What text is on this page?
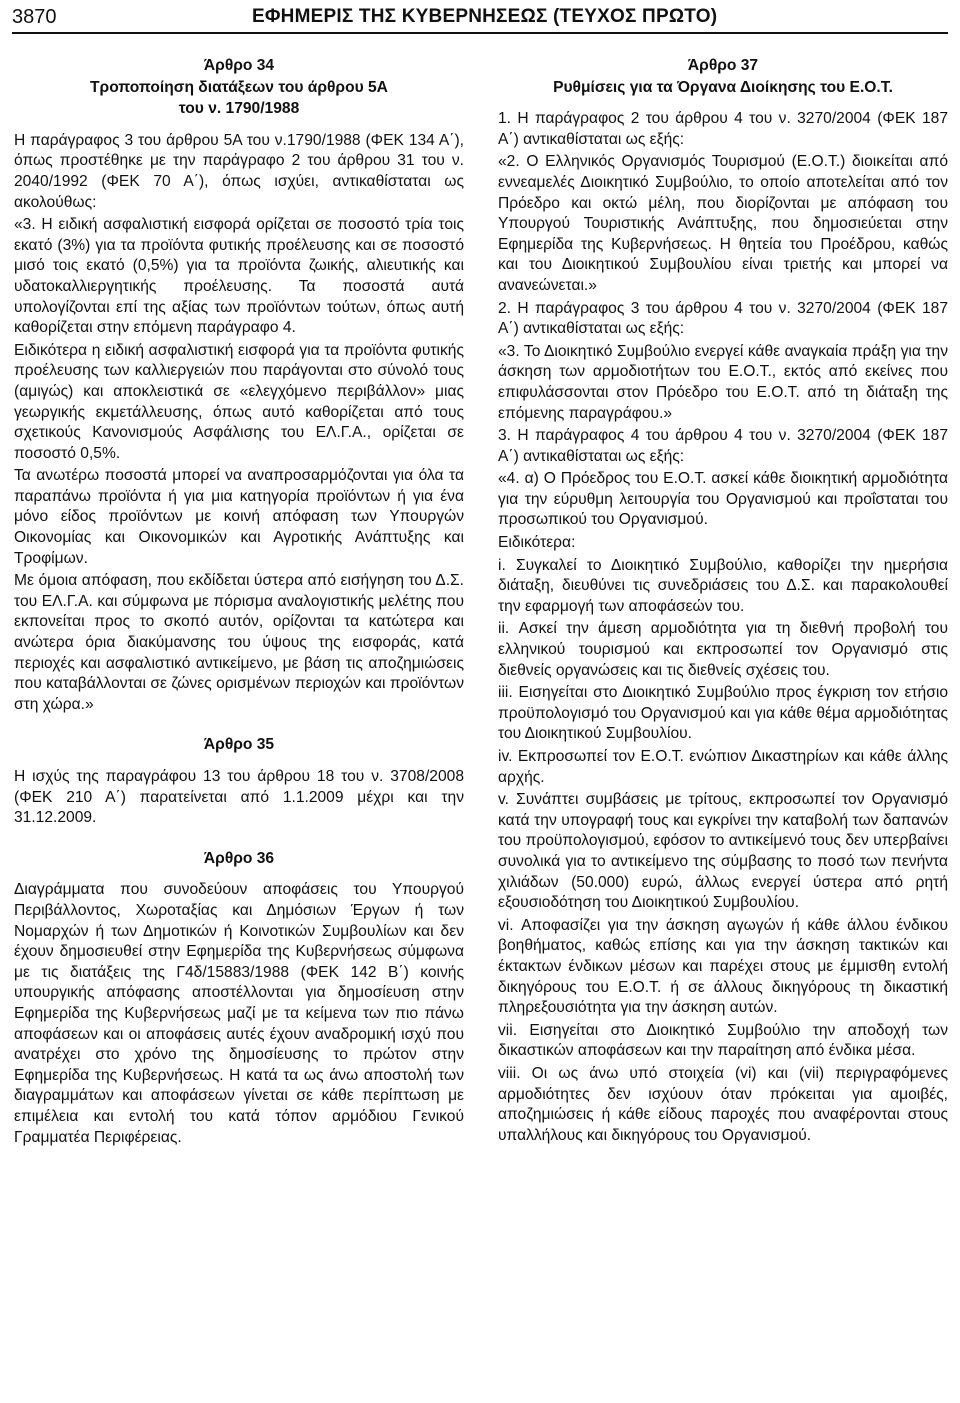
3870	ΕΦΗΜΕΡΙΣ ΤΗΣ ΚΥΒΕΡΝΗΣΕΩΣ (ΤΕΥΧΟΣ ΠΡΩΤΟ)
Άρθρο 34
Τροποποίηση διατάξεων του άρθρου 5Α
του ν. 1790/1988

Η παράγραφος 3 του άρθρου 5Α του ν.1790/1988 (ΦΕΚ 134 Α΄), όπως προστέθηκε με την παράγραφο 2 του άρθρου 31 του ν. 2040/1992 (ΦΕΚ 70 Α΄), όπως ισχύει, αντικαθίσταται ως ακολούθως:

«3. Η ειδική ασφαλιστική εισφορά ορίζεται σε ποσοστό τρία τοις εκατό (3%) για τα προϊόντα φυτικής προέλευσης και σε ποσοστό μισό τοις εκατό (0,5%) για τα προϊόντα ζωικής, αλιευτικής και υδατοκαλλιεργητικής προέλευσης. Τα ποσοστά αυτά υπολογίζονται επί της αξίας των προϊόντων τούτων, όπως αυτή καθορίζεται στην επόμενη παράγραφο 4.

Ειδικότερα η ειδική ασφαλιστική εισφορά για τα προϊόντα φυτικής προέλευσης των καλλιεργειών που παράγονται στο σύνολό τους (αμιγώς) και αποκλειστικά σε «ελεγχόμενο περιβάλλον» μιας γεωργικής εκμετάλλευσης, όπως αυτό καθορίζεται από τους σχετικούς Κανονισμούς Ασφάλισης του ΕΛ.Γ.Α., ορίζεται σε ποσοστό 0,5%.

Τα ανωτέρω ποσοστά μπορεί να αναπροσαρμόζονται για όλα τα παραπάνω προϊόντα ή για μια κατηγορία προϊόντων ή για ένα μόνο είδος προϊόντων με κοινή απόφαση των Υπουργών Οικονομίας και Οικονομικών και Αγροτικής Ανάπτυξης και Τροφίμων.

Με όμοια απόφαση, που εκδίδεται ύστερα από εισήγηση του Δ.Σ. του ΕΛ.Γ.Α. και σύμφωνα με πόρισμα αναλογιστικής μελέτης που εκπονείται προς το σκοπό αυτόν, ορίζονται τα κατώτερα και ανώτερα όρια διακύμανσης του ύψους της εισφοράς, κατά περιοχές και ασφαλιστικό αντικείμενο, με βάση τις αποζημιώσεις που καταβάλλονται σε ζώνες ορισμένων περιοχών και προϊόντων στη χώρα.»

Άρθρο 35

Η ισχύς της παραγράφου 13 του άρθρου 18 του ν. 3708/2008 (ΦΕΚ 210 Α΄) παρατείνεται από 1.1.2009 μέχρι και την 31.12.2009.

Άρθρο 36

Διαγράμματα που συνοδεύουν αποφάσεις του Υπουργού Περιβάλλοντος, Χωροταξίας και Δημόσιων Έργων ή των Νομαρχών ή των Δημοτικών ή Κοινοτικών Συμβουλίων και δεν έχουν δημοσιευθεί στην Εφημερίδα της Κυβερνήσεως σύμφωνα με τις διατάξεις της Γ4δ/15883/1988 (ΦΕΚ 142 Β΄) κοινής υπουργικής απόφασης αποστέλλονται για δημοσίευση στην Εφημερίδα της Κυβερνήσεως μαζί με τα κείμενα των πιο πάνω αποφάσεων και οι αποφάσεις αυτές έχουν αναδρομική ισχύ που ανατρέχει στο χρόνο της δημοσίευσης το πρώτον στην Εφημερίδα της Κυβερνήσεως. Η κατά τα ως άνω αποστολή των διαγραμμάτων και αποφάσεων γίνεται σε κάθε περίπτωση με επιμέλεια και εντολή του κατά τόπον αρμόδιου Γενικού Γραμματέα Περιφέρειας.

Άρθρο 37
Ρυθμίσεις για τα Όργανα Διοίκησης του Ε.Ο.Τ.

1. Η παράγραφος 2 του άρθρου 4 του ν. 3270/2004 (ΦΕΚ 187 Α΄) αντικαθίσταται ως εξής:

«2. Ο Ελληνικός Οργανισμός Τουρισμού (Ε.Ο.Τ.) διοικείται από εννεαμελές Διοικητικό Συμβούλιο, το οποίο αποτελείται από τον Πρόεδρο και οκτώ μέλη, που διορίζονται με απόφαση του Υπουργού Τουριστικής Ανάπτυξης, που δημοσιεύεται στην Εφημερίδα της Κυβερνήσεως. Η θητεία του Προέδρου, καθώς και του Διοικητικού Συμβουλίου είναι τριετής και μπορεί να ανανεώνεται.»

2. Η παράγραφος 3 του άρθρου 4 του ν. 3270/2004 (ΦΕΚ 187 Α΄) αντικαθίσταται ως εξής:

«3. Το Διοικητικό Συμβούλιο ενεργεί κάθε αναγκαία πράξη για την άσκηση των αρμοδιοτήτων του Ε.Ο.Τ., εκτός από εκείνες που επιφυλάσσονται στον Πρόεδρο του Ε.Ο.Τ. από τη διάταξη της επόμενης παραγράφου.»

3. Η παράγραφος 4 του άρθρου 4 του ν. 3270/2004 (ΦΕΚ 187 Α΄) αντικαθίσταται ως εξής:

«4. α) Ο Πρόεδρος του Ε.Ο.Τ. ασκεί κάθε διοικητική αρμοδιότητα για την εύρυθμη λειτουργία του Οργανισμού και προΐσταται του προσωπικού του Οργανισμού.

Ειδικότερα:

i. Συγκαλεί το Διοικητικό Συμβούλιο, καθορίζει την ημερήσια διάταξη, διευθύνει τις συνεδριάσεις του Δ.Σ. και παρακολουθεί την εφαρμογή των αποφάσεών του.

ii. Ασκεί την άμεση αρμοδιότητα για τη διεθνή προβολή του ελληνικού τουρισμού και εκπροσωπεί τον Οργανισμό στις διεθνείς οργανώσεις και τις διεθνείς σχέσεις του.

iii. Εισηγείται στο Διοικητικό Συμβούλιο προς έγκριση τον ετήσιο προϋπολογισμό του Οργανισμού και για κάθε θέμα αρμοδιότητας του Διοικητικού Συμβουλίου.

iv. Εκπροσωπεί τον Ε.Ο.Τ. ενώπιον Δικαστηρίων και κάθε άλλης αρχής.

v. Συνάπτει συμβάσεις με τρίτους, εκπροσωπεί τον Οργανισμό κατά την υπογραφή τους και εγκρίνει την καταβολή των δαπανών του προϋπολογισμού, εφόσον το αντικείμενό τους δεν υπερβαίνει συνολικά για το αντικείμενο της σύμβασης το ποσό των πενήντα χιλιάδων (50.000) ευρώ, άλλως ενεργεί ύστερα από ρητή εξουσιοδότηση του Διοικητικού Συμβουλίου.

vi. Αποφασίζει για την άσκηση αγωγών ή κάθε άλλου ένδικου βοηθήματος, καθώς επίσης και για την άσκηση τακτικών και έκτακτων ένδικων μέσων και παρέχει στους με έμμισθη εντολή δικηγόρους του Ε.Ο.Τ. ή σε άλλους δικηγόρους τη δικαστική πληρεξουσιότητα για την άσκηση αυτών.

vii. Εισηγείται στο Διοικητικό Συμβούλιο την αποδοχή των δικαστικών αποφάσεων και την παραίτηση από ένδικα μέσα.

viii. Οι ως άνω υπό στοιχεία (vi) και (vii) περιγραφόμενες αρμοδιότητες δεν ισχύουν όταν πρόκειται για αμοιβές, αποζημιώσεις ή κάθε είδους παροχές που αναφέρονται στους υπαλλήλους και δικηγόρους του Οργανισμού.
